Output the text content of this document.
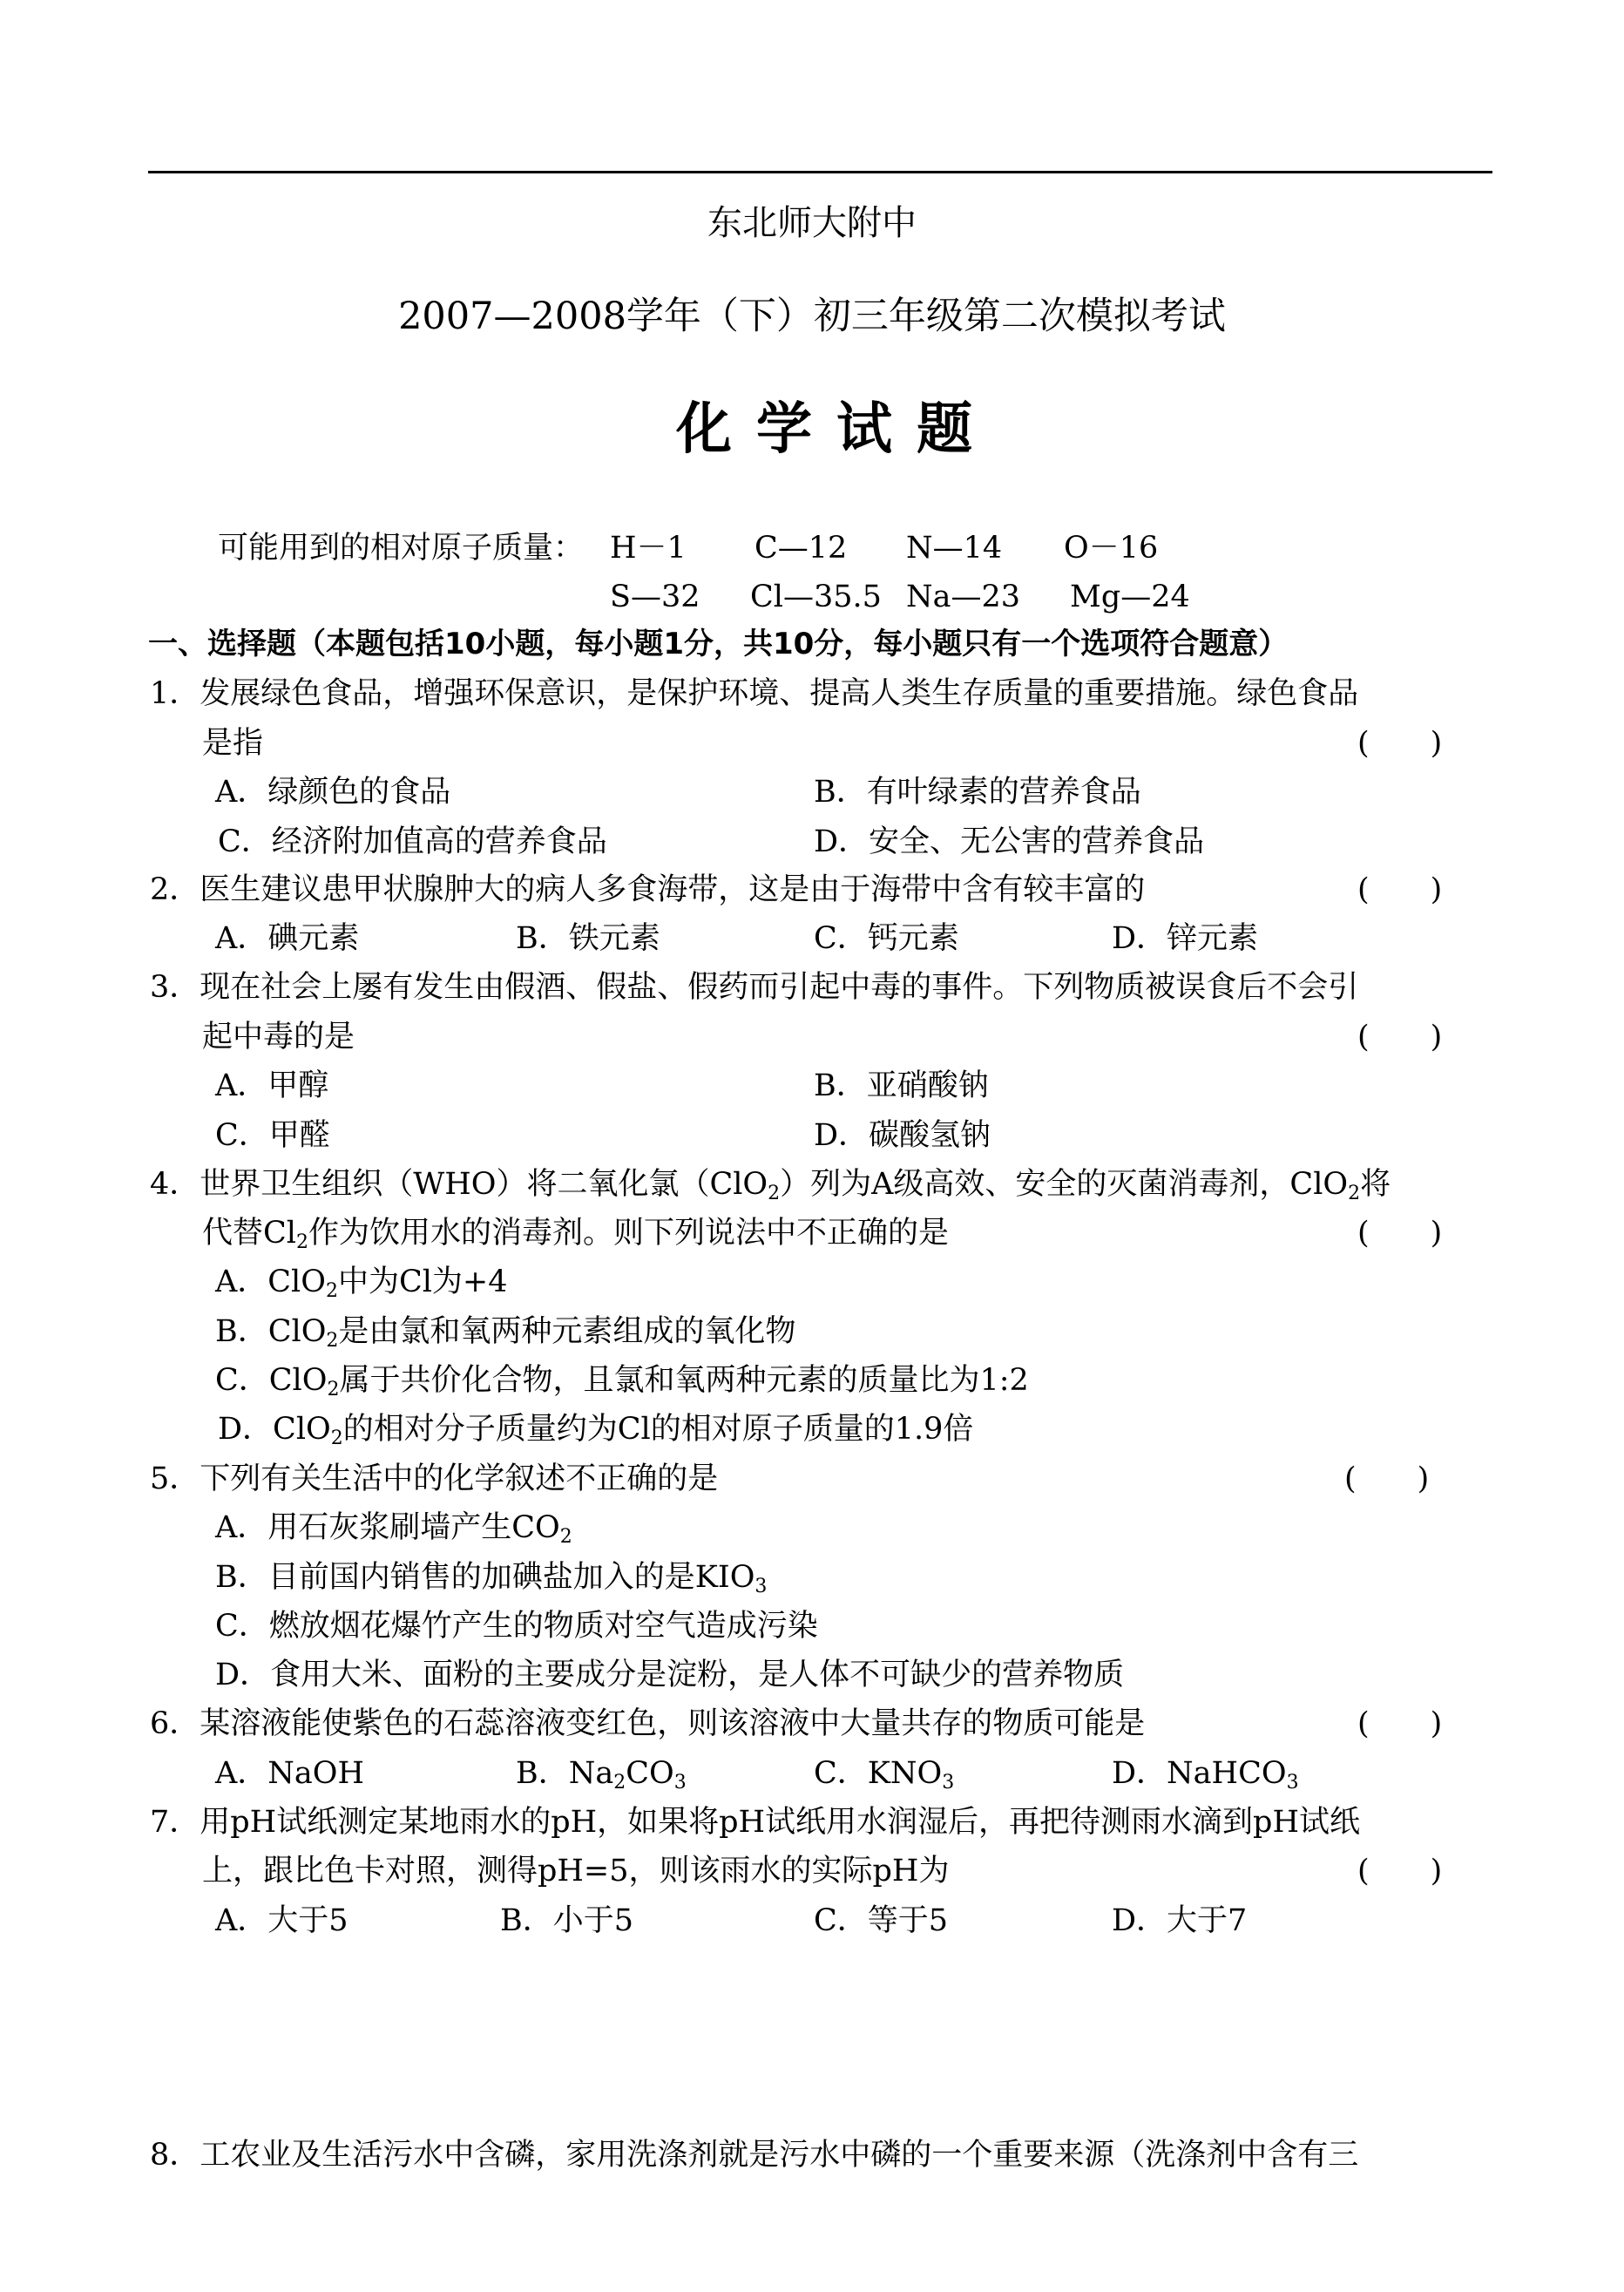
东北师大附中
2007—2008学年（下）初三年级第二次模拟考试
化学试题
可能用到的相对原子质量： H－1 C—12 N—14 O－16
S—32 Cl—35.5 Na—23 Mg—24
一、选择题（本题包括10小题，每小题1分，共10分，每小题只有一个选项符合题意）
1．发展绿色食品，增强环保意识，是保护环境、提高人类生存质量的重要措施。绿色食品
是指	(　　)
A．绿颜色的食品	B．有叶绿素的营养食品
C．经济附加值高的营养食品	D．安全、无公害的营养食品
2．医生建议患甲状腺肿大的病人多食海带，这是由于海带中含有较丰富的	(　　)
A．碘元素	B．铁元素	C．钙元素	D．锌元素
3．现在社会上屡有发生由假酒、假盐、假药而引起中毒的事件。下列物质被误食后不会引
起中毒的是	(　　)
A．甲醇	B．亚硝酸钠
C．甲醛	D．碳酸氢钠
4．世界卫生组织（WHO）将二氧化氯（ClO$_2$）列为A级高效、安全的灭菌消毒剂，ClO$_2$将
代替$Cl_2$作为饮用水的消毒剂。则下列说法中不正确的是	(　　)
A．ClO$_2$中为Cl为+4
B．ClO$_2$是由氯和氧两种元素组成的氧化物
C．ClO$_2$属于共价化合物，且氯和氧两种元素的质量比为1:2
D．ClO$_2$的相对分子质量约为Cl的相对原子质量的1.9倍
5．下列有关生活中的化学叙述不正确的是	(　　)
A．用石灰浆刷墙产生$CO_2$
B．目前国内销售的加碘盐加入的是$KIO_3$
C．燃放烟花爆竹产生的物质对空气造成污染
D．食用大米、面粉的主要成分是淀粉，是人体不可缺少的营养物质
6．某溶液能使紫色的石蕊溶液变红色，则该溶液中大量共存的物质可能是	(　　)
A．NaOH	B．$Na_2CO_3$	C．$KNO_3$	D．NaHCO$_3$
7．用pH试纸测定某地雨水的pH，如果将pH试纸用水润湿后，再把待测雨水滴到pH试纸
上，跟比色卡对照，测得pH=5，则该雨水的实际pH为	(　　)
A．大于5	B．小于5	C．等于5	D．大于7
8．工农业及生活污水中含磷，家用洗涤剂就是污水中磷的一个重要来源（洗涤剂中含有三
